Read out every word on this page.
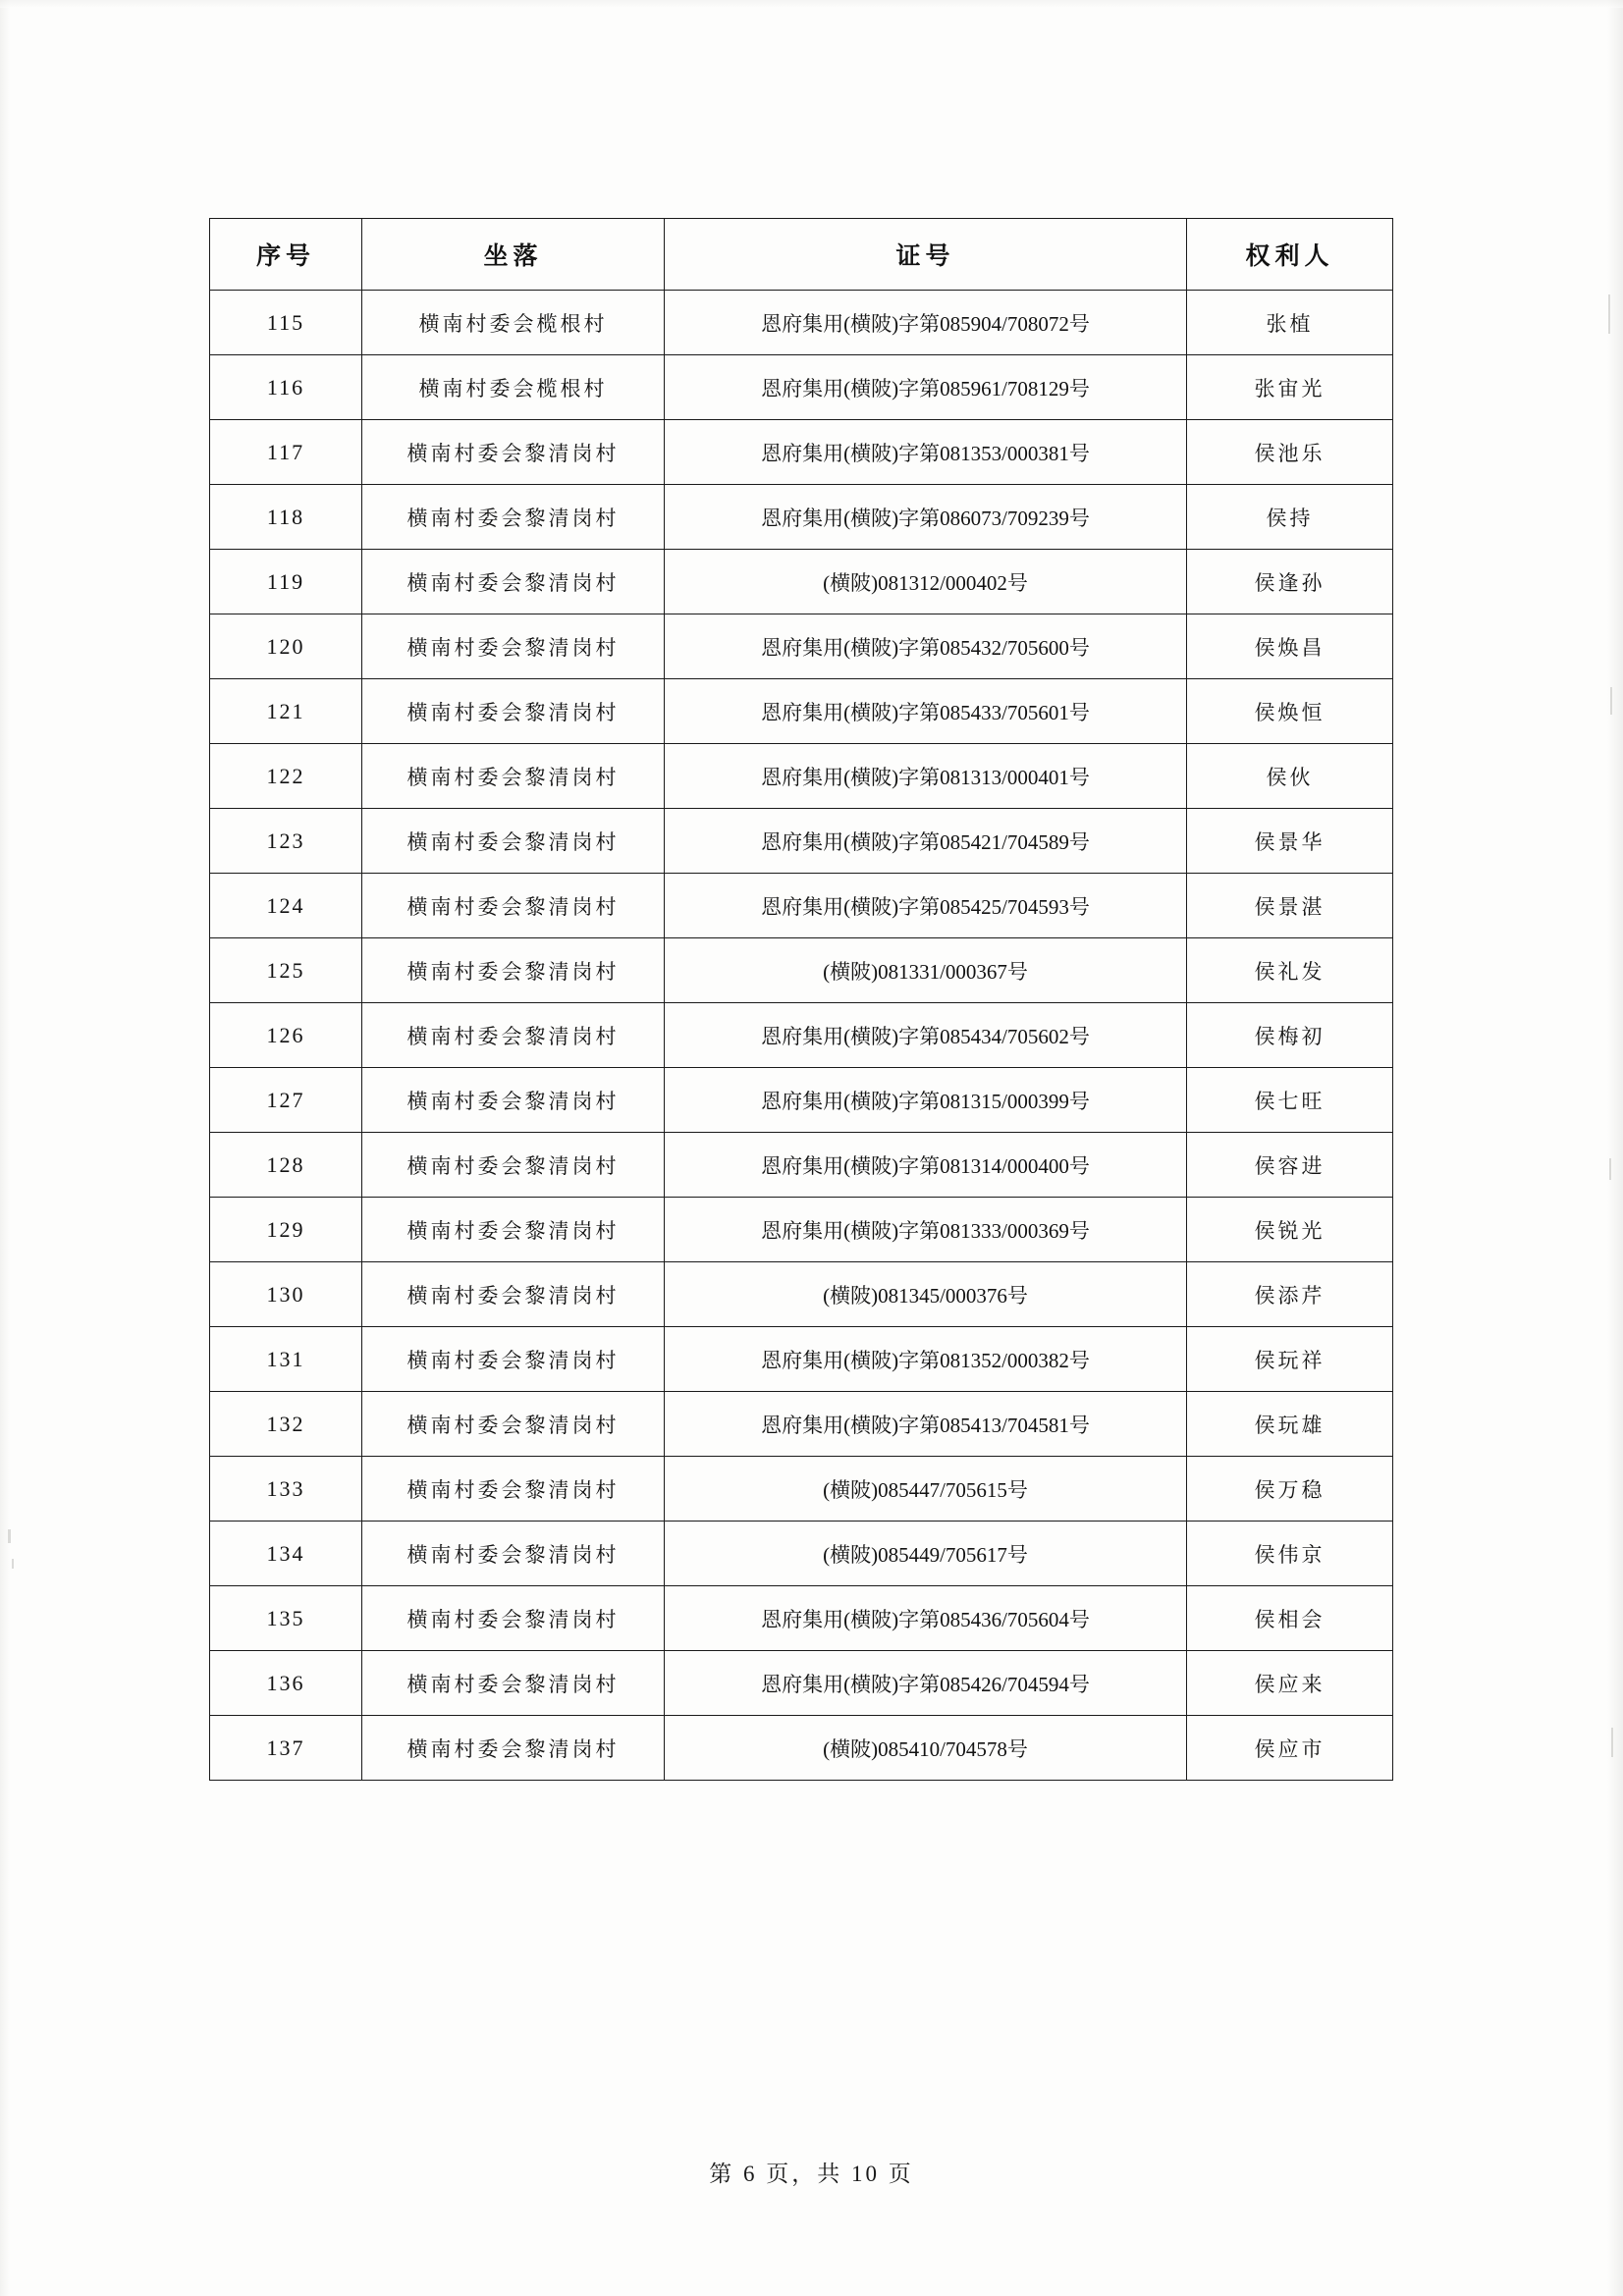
序号	坐落	证号	权利人
115	横南村委会榄根村	恩府集用(横陂)字第085904/708072号	张植
116	横南村委会榄根村	恩府集用(横陂)字第085961/708129号	张宙光
117	横南村委会黎清岗村	恩府集用(横陂)字第081353/000381号	侯池乐
118	横南村委会黎清岗村	恩府集用(横陂)字第086073/709239号	侯持
119	横南村委会黎清岗村	(横陂)081312/000402号	侯逢孙
120	横南村委会黎清岗村	恩府集用(横陂)字第085432/705600号	侯焕昌
121	横南村委会黎清岗村	恩府集用(横陂)字第085433/705601号	侯焕恒
122	横南村委会黎清岗村	恩府集用(横陂)字第081313/000401号	侯伙
123	横南村委会黎清岗村	恩府集用(横陂)字第085421/704589号	侯景华
124	横南村委会黎清岗村	恩府集用(横陂)字第085425/704593号	侯景湛
125	横南村委会黎清岗村	(横陂)081331/000367号	侯礼发
126	横南村委会黎清岗村	恩府集用(横陂)字第085434/705602号	侯梅初
127	横南村委会黎清岗村	恩府集用(横陂)字第081315/000399号	侯七旺
128	横南村委会黎清岗村	恩府集用(横陂)字第081314/000400号	侯容进
129	横南村委会黎清岗村	恩府集用(横陂)字第081333/000369号	侯锐光
130	横南村委会黎清岗村	(横陂)081345/000376号	侯添芹
131	横南村委会黎清岗村	恩府集用(横陂)字第081352/000382号	侯玩祥
132	横南村委会黎清岗村	恩府集用(横陂)字第085413/704581号	侯玩雄
133	横南村委会黎清岗村	(横陂)085447/705615号	侯万稳
134	横南村委会黎清岗村	(横陂)085449/705617号	侯伟京
135	横南村委会黎清岗村	恩府集用(横陂)字第085436/705604号	侯相会
136	横南村委会黎清岗村	恩府集用(横陂)字第085426/704594号	侯应来
137	横南村委会黎清岗村	(横陂)085410/704578号	侯应市
第 6 页，共 10 页
